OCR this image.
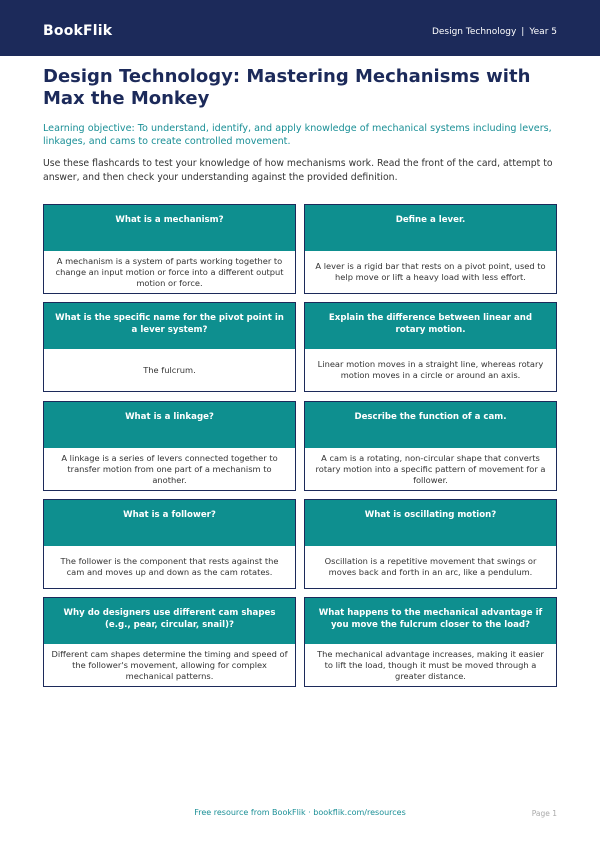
BookFlik	Design Technology | Year 5
Design Technology: Mastering Mechanisms with Max the Monkey
Learning objective: To understand, identify, and apply knowledge of mechanical systems including levers, linkages, and cams to create controlled movement.
Use these flashcards to test your knowledge of how mechanisms work. Read the front of the card, attempt to answer, and then check your understanding against the provided definition.
What is a mechanism?
A mechanism is a system of parts working together to change an input motion or force into a different output motion or force.
Define a lever.
A lever is a rigid bar that rests on a pivot point, used to help move or lift a heavy load with less effort.
What is the specific name for the pivot point in a lever system?
The fulcrum.
Explain the difference between linear and rotary motion.
Linear motion moves in a straight line, whereas rotary motion moves in a circle or around an axis.
What is a linkage?
A linkage is a series of levers connected together to transfer motion from one part of a mechanism to another.
Describe the function of a cam.
A cam is a rotating, non-circular shape that converts rotary motion into a specific pattern of movement for a follower.
What is a follower?
The follower is the component that rests against the cam and moves up and down as the cam rotates.
What is oscillating motion?
Oscillation is a repetitive movement that swings or moves back and forth in an arc, like a pendulum.
Why do designers use different cam shapes (e.g., pear, circular, snail)?
Different cam shapes determine the timing and speed of the follower's movement, allowing for complex mechanical patterns.
What happens to the mechanical advantage if you move the fulcrum closer to the load?
The mechanical advantage increases, making it easier to lift the load, though it must be moved through a greater distance.
Free resource from BookFlik · bookflik.com/resources	Page 1
